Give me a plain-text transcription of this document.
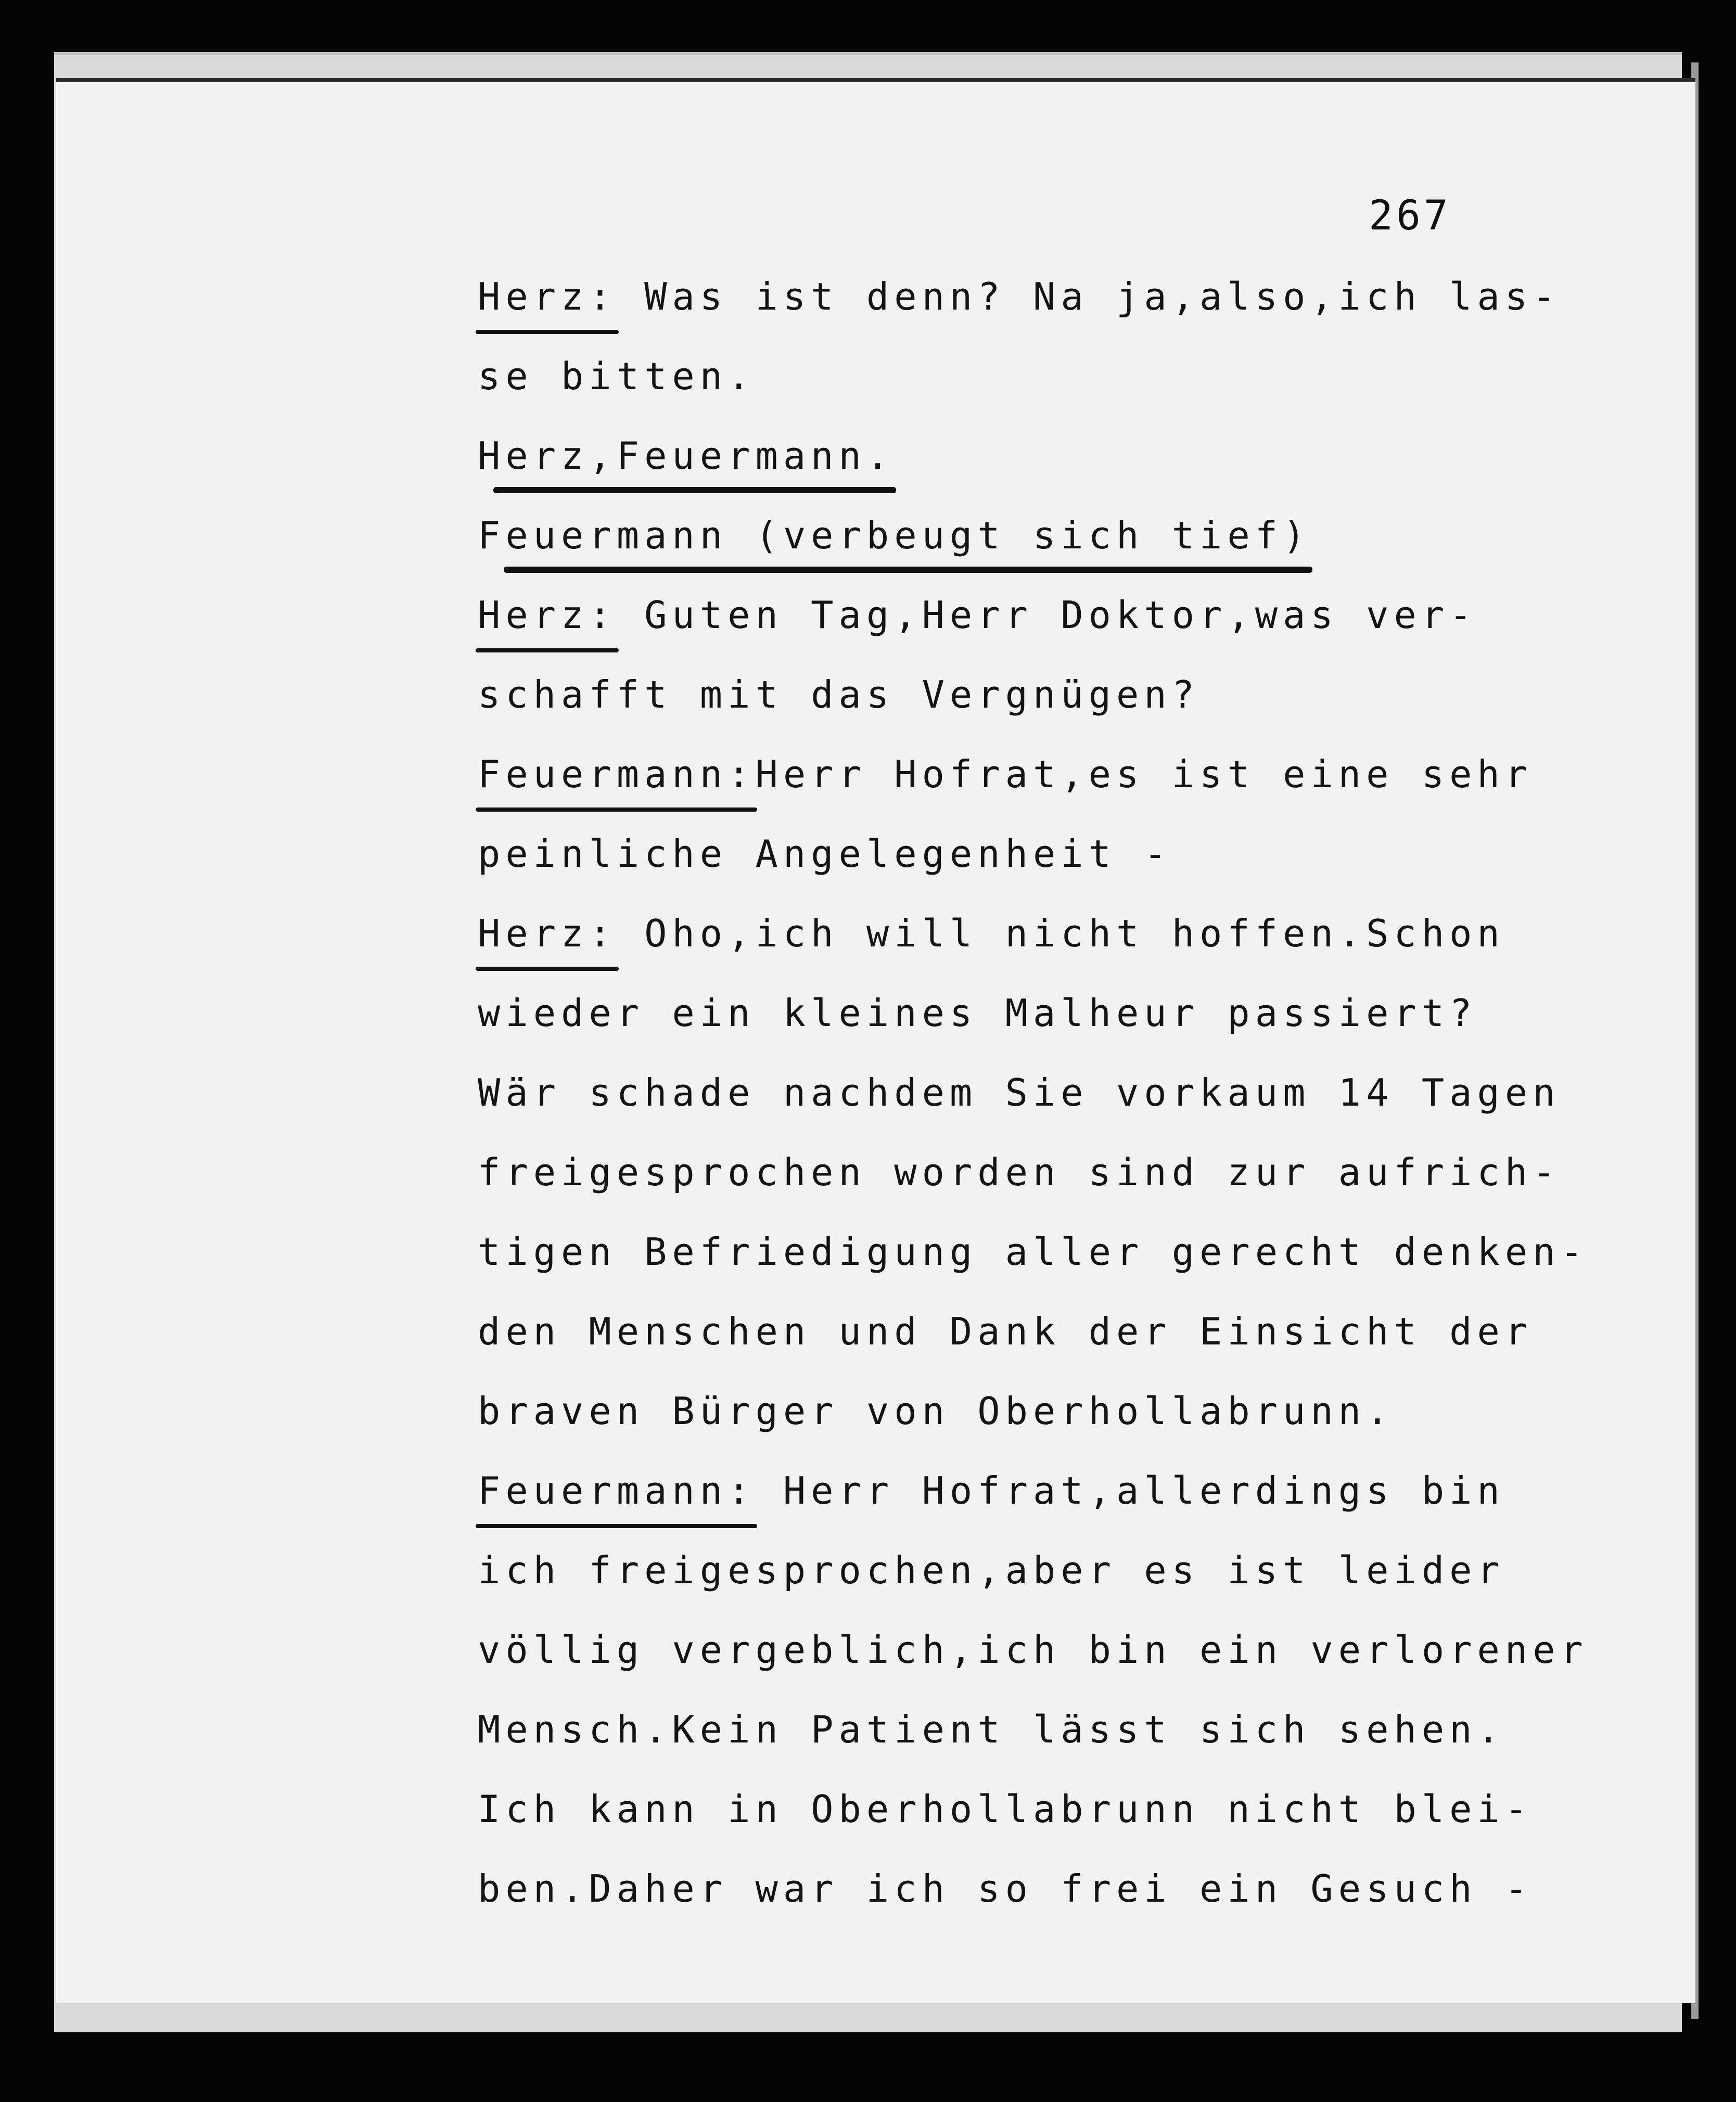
267
Herz:
Was ist denn? Na ja,also,ich las-
se bitten.
Herz,Feuermann.
Feuermann (verbeugt sich tief)
Herz:
Guten Tag,Herr Doktor,was ver-
schafft mit das Vergnügen?
Feuermann:
Herr Hofrat,es ist eine sehr
peinliche Angelegenheit -
Herz:
Oho,ich will nicht hoffen.Schon
wieder ein kleines Malheur passiert?
Wär schade nachdem Sie vorkaum 14 Tagen
freigesprochen worden sind zur aufrich-
tigen Befriedigung aller gerecht denken-
den Menschen und Dank der Einsicht der
braven Bürger von Oberhollabrunn.
Feuermann:
Herr Hofrat,allerdings bin
ich freigesprochen,aber es ist leider
völlig vergeblich,ich bin ein verlorener
Mensch.Kein Patient lässt sich sehen.
Ich kann in Oberhollabrunn nicht blei-
ben.Daher war ich so frei ein Gesuch -
